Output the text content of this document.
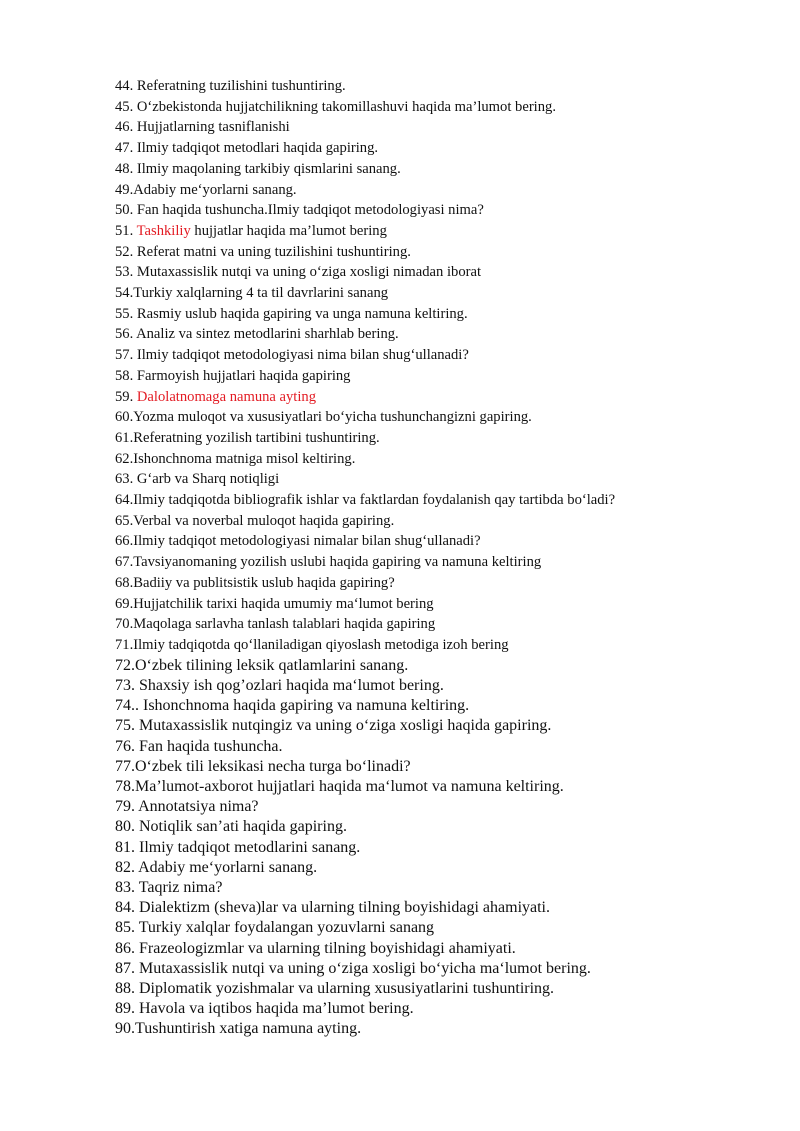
44. Referatning tuzilishini tushuntiring.
45. O‘zbekistonda hujjatchilikning takomillashuvi haqida ma’lumot bering.
46. Hujjatlarning tasniflanishi
47. Ilmiy tadqiqot metodlari haqida gapiring.
48. Ilmiy maqolaning tarkibiy qismlarini sanang.
49.Adabiy me‘yorlarni sanang.
50. Fan haqida tushuncha.Ilmiy tadqiqot metodologiyasi nima?
51. Tashkiliy hujjatlar haqida ma’lumot bering
52. Referat matni va uning tuzilishini tushuntiring.
53. Mutaxassislik nutqi va uning o‘ziga xosligi nimadan iborat
54.Turkiy xalqlarning 4 ta til davrlarini sanang
55. Rasmiy uslub haqida gapiring va unga namuna keltiring.
56. Analiz va sintez metodlarini sharhlab bering.
57. Ilmiy tadqiqot metodologiyasi nima bilan shug‘ullanadi?
58. Farmoyish hujjatlari haqida gapiring
59. Dalolatnomaga namuna ayting
60.Yozma muloqot va xususiyatlari bo‘yicha tushunchangizni gapiring.
61.Referatning yozilish tartibini tushuntiring.
62.Ishonchnoma matniga misol keltiring.
63. G‘arb va Sharq notiqligi
64.Ilmiy tadqiqotda bibliografik ishlar va faktlardan foydalanish qay tartibda bo‘ladi?
65.Verbal va noverbal muloqot haqida gapiring.
66.Ilmiy tadqiqot metodologiyasi nimalar bilan shug‘ullanadi?
67.Tavsiyanomaning yozilish uslubi haqida gapiring va namuna keltiring
68.Badiiy va publitsistik uslub haqida gapiring?
69.Hujjatchilik tarixi haqida umumiy ma‘lumot bering
70.Maqolaga sarlavha tanlash talablari haqida gapiring
71.Ilmiy tadqiqotda qo‘llaniladigan qiyoslash metodiga izoh bering
72.O‘zbek tilining leksik qatlamlarini sanang.
73. Shaxsiy ish qog’ozlari haqida ma‘lumot bering.
74.. Ishonchnoma haqida gapiring va namuna keltiring.
75. Mutaxassislik nutqingiz va uning o‘ziga xosligi haqida gapiring.
76. Fan haqida tushuncha.
77.O‘zbek tili leksikasi necha turga bo‘linadi?
78.Ma’lumot-axborot hujjatlari haqida ma‘lumot va namuna keltiring.
79. Annotatsiya nima?
80. Notiqlik san’ati haqida gapiring.
81. Ilmiy tadqiqot metodlarini sanang.
82. Adabiy me‘yorlarni sanang.
83. Taqriz nima?
84. Dialektizm (sheva)lar va ularning tilning boyishidagi ahamiyati.
85. Turkiy xalqlar foydalangan yozuvlarni sanang
86. Frazeologizmlar va ularning tilning boyishidagi ahamiyati.
87. Mutaxassislik nutqi va uning o‘ziga xosligi bo‘yicha ma‘lumot bering.
88. Diplomatik yozishmalar va ularning xususiyatlarini tushuntiring.
89. Havola va iqtibos haqida ma’lumot bering.
90.Tushuntirish xatiga namuna ayting.
